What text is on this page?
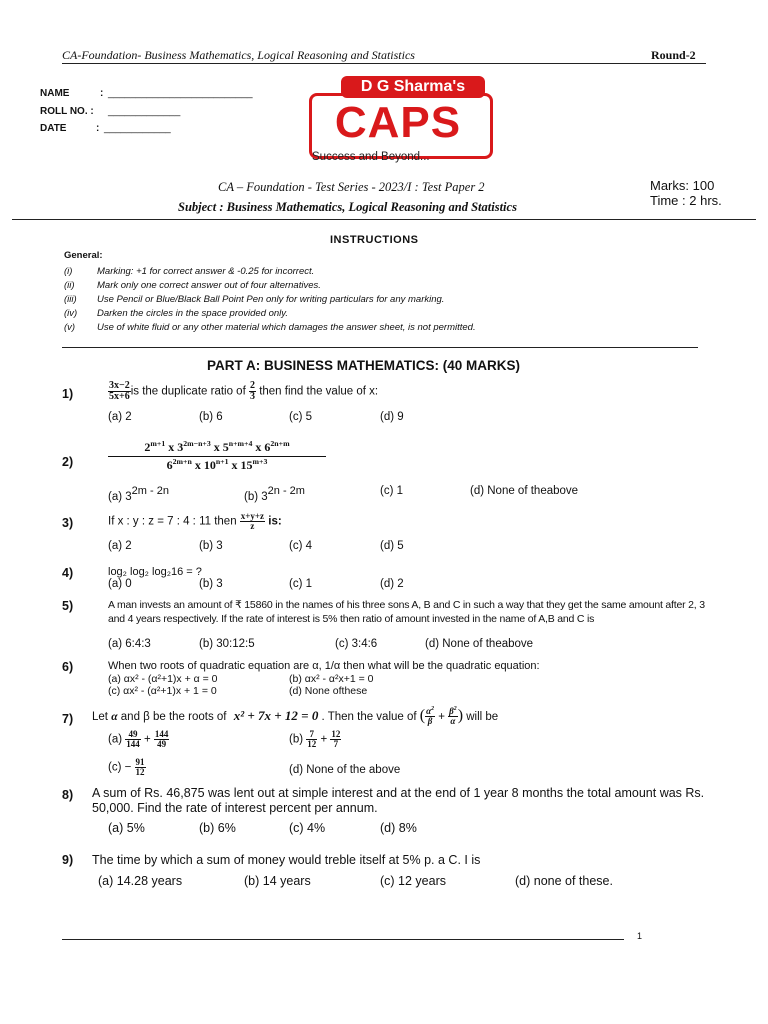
CA-Foundation- Business Mathematics, Logical Reasoning and Statistics	Round-2
NAME	: __________________________
ROLL NO. : _____________
DATE	: ____________
D G Sharma's
CAPS
Success and Beyond...
CA – Foundation - Test Series - 2023/I : Test Paper 2
Subject : Business Mathematics, Logical Reasoning and Statistics
Marks: 100
Time : 2 hrs.
INSTRUCTIONS
General:
(i)	Marking: +1 for correct answer & -0.25 for incorrect.
(ii) Mark only one correct answer out of four alternatives.
(iii) Use Pencil or Blue/Black Ball Point Pen only for writing particulars for any marking.
(iv) Darken the circles in the space provided only.
(v) Use of white fluid or any other material which damages the answer sheet, is not permitted.
PART A: BUSINESS MATHEMATICS: (40 MARKS)
1)	$\frac{3x-2}{5x+6}$ is the duplicate ratio of $\frac{2}{3}$ then find the value of x:
(a) 2	(b) 6	(c) 5	(d) 9
2)	$\frac{2^{m+1} x 3^{2m-n+3} x 5^{n+m+4} x 6^{2n+m}}{6^{2m+n} x 10^{n+1} x 15^{m+3}}$
(a) $3^{2m - 2n}$	(b) $3^{2n - 2m}$	(c) 1	(d) None of theabove
3)	If x : y : z = 7 : 4 : 11 then $\frac{x+y+z}{z}$ is:
(a) 2	(b) 3	(c) 4	(d) 5
4)	log₂ log₂ log₂16 = ?
(a) 0	(b) 3	(c) 1	(d) 2
5)	A man invests an amount of ₹ 15860 in the names of his three sons A, B and C in such a way that they get the same amount after 2, 3 and 4 years respectively. If the rate of interest is 5% then ratio of amount invested in the name of A,B and C is
(a) 6:4:3	(b) 30:12:5	(c) 3:4:6	(d) None of theabove
6)	When two roots of quadratic equation are α, 1/α then what will be the quadratic equation:
(a) αx² - (α²+1)x + α = 0	(b) αx² - α²x+1 = 0
(c) αx² - (α²+1)x + 1 = 0	(d) None ofthese
7) Let α and β be the roots of x² + 7x + 12 = 0 . Then the value of ( $\frac{\alpha^2}{\beta} + \frac{\beta^2}{\alpha}$ ) will be
$(a) \frac{49}{144} + \frac{144}{49}$	$(b) \frac{7}{12} + \frac{12}{7}$
$(c) - \frac{91}{12}$	(d) None of the above
8) A sum of Rs. 46,875 was lent out at simple interest and at the end of 1 year 8 months the total amount was Rs. 50,000. Find the rate of interest percent per annum.
(a) 5%	(b) 6%	(c) 4%	(d) 8%
9) The time by which a sum of money would treble itself at 5% p. a C. I is
(a) 14.28 years	(b) 14 years	(c) 12 years	(d) none of these.
1
